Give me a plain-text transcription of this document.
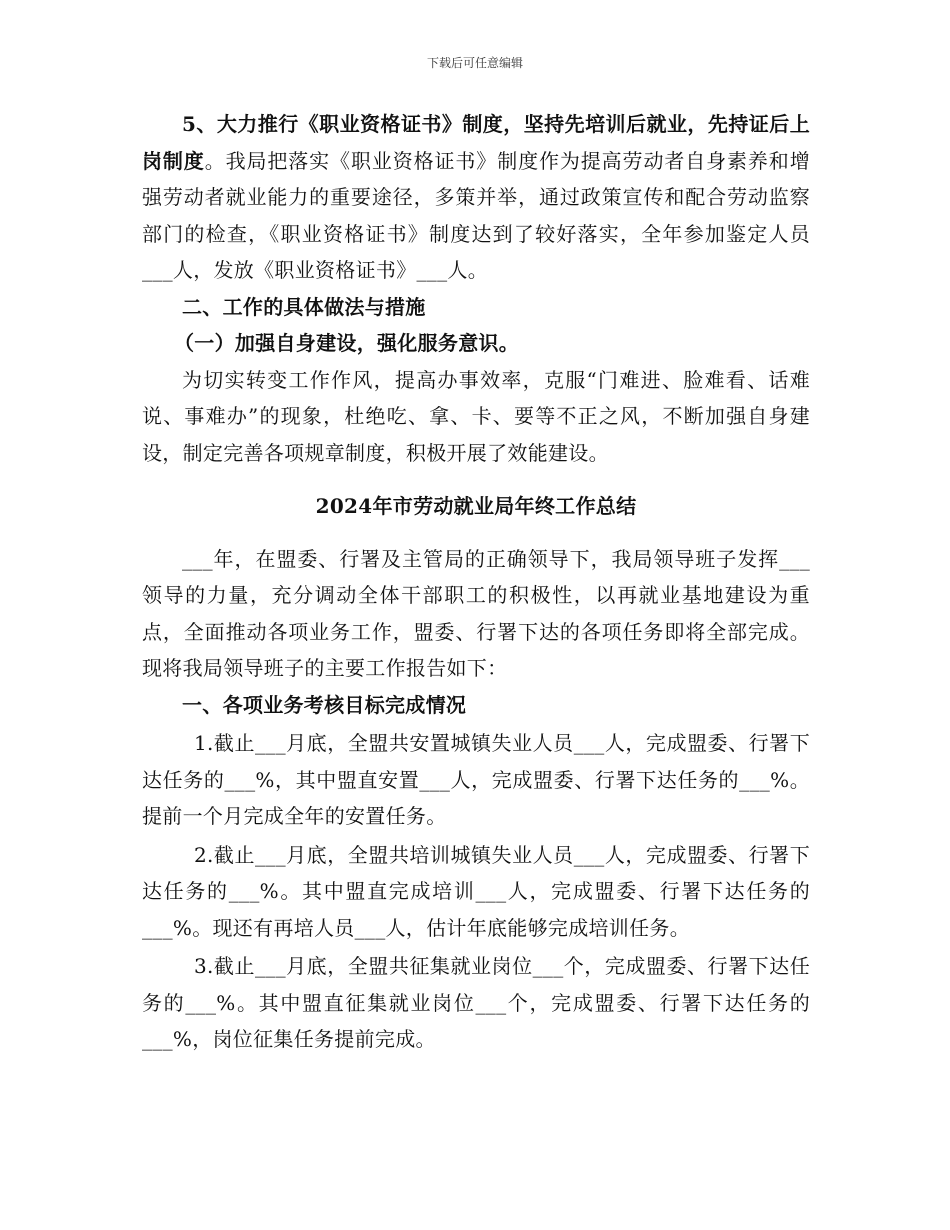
下载后可任意编辑

5、大力推行《职业资格证书》制度，坚持先培训后就业，先持证后上岗制度。我局把落实《职业资格证书》制度作为提高劳动者自身素养和增强劳动者就业能力的重要途径，多策并举，通过政策宣传和配合劳动监察部门的检查，《职业资格证书》制度达到了较好落实，全年参加鉴定人员___人，发放《职业资格证书》___人。

二、工作的具体做法与措施

（一）加强自身建设，强化服务意识。

为切实转变工作作风，提高办事效率，克服“门难进、脸难看、话难说、事难办”的现象，杜绝吃、拿、卡、要等不正之风，不断加强自身建设，制定完善各项规章制度，积极开展了效能建设。

2024年市劳动就业局年终工作总结

___年，在盟委、行署及主管局的正确领导下，我局领导班子发挥___领导的力量，充分调动全体干部职工的积极性，以再就业基地建设为重点，全面推动各项业务工作，盟委、行署下达的各项任务即将全部完成。现将我局领导班子的主要工作报告如下：

一、各项业务考核目标完成情况

1.截止___月底，全盟共安置城镇失业人员___人，完成盟委、行署下达任务的___%，其中盟直安置___人，完成盟委、行署下达任务的___%。提前一个月完成全年的安置任务。

2.截止___月底，全盟共培训城镇失业人员___人，完成盟委、行署下达任务的___%。其中盟直完成培训___人，完成盟委、行署下达任务的___%。现还有再培人员___人，估计年底能够完成培训任务。

3.截止___月底，全盟共征集就业岗位___个，完成盟委、行署下达任务的___%。其中盟直征集就业岗位___个，完成盟委、行署下达任务的___%，岗位征集任务提前完成。
